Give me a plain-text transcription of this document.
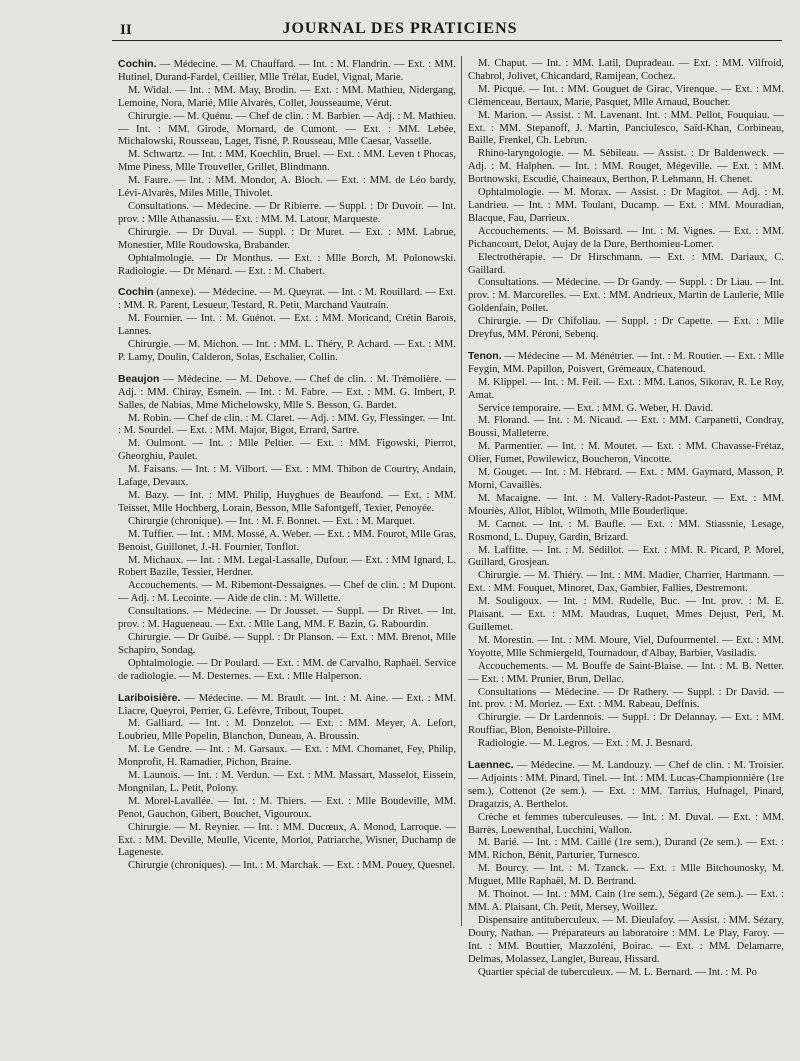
II	JOURNAL DES PRATICIENS

Cochin. — Médecine. — M. Chauffard. — Int. : M. Flandrin. — Ext. : MM. Hutinel, Durand-Fardel, Ceillier, Mlle Trélat, Eudel, Vignal, Marie.

M. Widal. — Int. : MM. May, Brodin. — Ext. : MM. Mathieu, Nidergang, Lemoine, Nora, Marié, Mlle Alvarès, Collet, Jousseaume, Vérut.

Chirurgie. — M. Quénu. — Chef de clin. : M. Barbier. — Adj. : M. Mathieu. — Int. : MM. Girode, Mornard, de Cumont. — Ext. : MM. Lebée, Michalowski, Rousseau, Laget, Tisné, P. Rousseau, Mlle Caesar, Vasselle.

M. Schwartz. — Int. : MM. Koechlin, Bruel. — Ext. : MM. Leven t Phocas, Mme Piness, Mlle Trouveller, Grillet, Blindmann.

M. Faure. — Int. : MM. Mondor, A. Bloch. — Ext. : MM. de Léo bardy, Lévi-Alvarès, Miles Mille, Thivolet.

Consultations. — Médecine. — Dr Ribierre. — Suppl. : Dr Duvoir. — Int. prov. : Mlle Athanassiu. — Ext. : MM. M. Latour, Marqueste.

Chirurgie. — Dr Duval. — Suppl. : Dr Muret. — Ext. : MM. Labrue, Monestier, Mlle Roudowska, Brabander.

Ophtalmologie. — Dr Monthus. — Ext. : Mlle Borch, M. Polonowski. Radiologie. — Dr Ménard. — Ext. : M. Chabert.

Cochin (annexe). — Médecine. — M. Queyrat. — Int. : M. Rouillard. — Ext. : MM. R. Parent, Lesueur, Testard, R. Petit, Marchand Vautrain.

M. Fournier. — Int. : M. Guénot. — Ext. : MM. Moricand, Crétin Barois, Lannes.

Chirurgie. — M. Michon. — Int. : MM. L. Théry, P. Achard. — Ext. : MM. P. Lamy, Doulin, Calderon, Solas, Eschalier, Collin.

Beaujon — Médecine. — M. Debove. — Chef de clin. : M. Trémolière. — Adj. : MM. Chiray, Esmein. — Int. : M. Fabre. — Ext. : MM. G. Imbert, P. Salles, de Nabias, Mme Michelowsky, Mlle S. Besson, G. Bardet.

M. Robin. — Chef de clin. : M. Claret. — Adj. : MM. Gy, Flessinger. — Int. : M. Sourdel. — Ext. : MM. Major, Bigot, Errard, Sartre.

M. Oulmont. — Int. : Mlle Peltier. — Ext. : MM. Figowski, Pierrot, Gheorghiu, Paulet.

M. Faisans. — Int. : M. Vilbort. — Ext. : MM. Thibon de Courtry, Andain, Lafage, Devaux.

M. Bazy. — Int. : MM. Philip, Huyghues de Beaufond. — Ext. : MM. Teisset, Mlle Hochberg, Lorain, Besson, Mlle Safontgeff, Texier, Penoyée.

Chirurgie (chronique). — Int. : M. F. Bonnet. — Ext. : M. Marquet.

M. Tuffier. — Int. : MM. Mossé, A. Weber. — Ext. : MM. Fourot, Mlle Gras, Benoist, Guillonet, J.-H. Fournier, Tonflot.

M. Michaux. — Int. : MM. Legal-Lassalle, Dufour. — Ext. : MM Ignard, L. Robert Bazile, Tessier, Herdner.

Accouchements. — M. Ribemont-Dessaignes. — Chef de clin. : M Dupont. — Adj. : M. Lecointe. — Aide de clin. : M. Willette.

Consultations. — Médecine. — Dr Jousset. — Suppl. — Dr Rivet. — Int. prov. : M. Hagueneau. — Ext. : Mlle Lang, MM. F. Bazin, G. Rabourdin.

Chirurgie. — Dr Guibé. — Suppl. : Dr Planson. — Ext. : MM. Brenot, Mlle Schapiro, Sondag.

Ophtalmologie. — Dr Poulard. — Ext. : MM. de Carvalho, Raphaël. Service de radiologie. — M. Desternes. — Ext. : Mlle Halperson.

Lariboisière. — Médecine. — M. Brault. — Int. : M. Aine. — Ext. : MM. Liacre, Queyroi, Perrier, G. Lefèvre, Tribout, Toupet.

M. Galliard. — Int. : M. Donzelot. — Ext. : MM. Meyer, A. Lefort, Loubrieu, Mlle Popelin, Blanchon, Duneau, A. Broussin.

M. Le Gendre. — Int. : M. Garsaux. — Ext. : MM. Chomanet, Fey, Philip, Monprofit, H. Ramadier, Pichon, Braine.

M. Launois. — Int. : M. Verdun. — Ext. : MM. Massart, Masselot, Eissein, Mongnilan, L. Petit, Polony.

M. Morel-Lavallée. — Int. : M. Thiers. — Ext. : Mlle Boudeville, MM. Penot, Gauchon, Gibert, Bouchet, Vigouroux.

Chirurgie. — M. Reynier. — Int. : MM. Ducœux, A. Monod, Larroque. — Ext. : MM. Deville, Meulle, Vicente, Morlot, Patriarche, Wisner, Duchamp de Lageneste.

Chirurgie (chroniques). — Int. : M. Marchak. — Ext. : MM. Pouey, Quesnel.

M. Chaput. — Int. : MM. Latil, Dupradeau. — Ext. : MM. Vilfroid, Chabrol, Jolivet, Chicandard, Ramijean, Cochez.

M. Picqué. — Int. : MM. Gouguet de Girac, Virenque. — Ext. : MM. Clémenceau, Bertaux, Marie, Pasquet, Mlle Arnaud, Boucher.

M. Marion. — Assist. : M. Lavenant. Int. : MM. Pellot, Fouquiau. — Ext. : MM. Stepanoff, J. Martin, Panciulesco, Saïd-Khan, Corbineau, Baille, Frenkel, Ch. Lebrun.

Rhino-laryngologie. — M. Sébileau. — Assist. : Dr Baldenweck. — Adj. : M. Halphen. — Int. : MM. Rouget, Mégeville. — Ext. : MM. Bortnowski, Escudié, Chaineaux, Berthon, P. Lehmann, H. Chenet.

Ophtalmologie. — M. Morax. — Assist. : Dr Magitot. — Adj. : M. Landrieu. — Int. : MM. Toulant, Ducamp. — Ext. : MM. Mouradian, Blacque, Fau, Darrieux.

Accouchements. — M. Boissard. — Int. : M. Vignes. — Ext. : MM. Pichancourt, Delot, Aujay de la Dure, Berthomieu-Lomer.

Electrothérapie. — Dr Hirschmann. — Ext. : MM. Dariaux, C. Gaillard.

Consultations. — Médecine. — Dr Gandy. — Suppl. : Dr Liau. — Int. prov. : M. Marcorelles. — Ext. : MM. Andrieux, Martin de Laulerie, Mlle Goldenfain, Pollet.

Chirurgie. — Dr Chifoliau. — Suppl. : Dr Capette. — Ext. : Mlle Dreyfus, MM. Péroni, Sebenq.

Tenon. — Médecine — M. Ménétrier. — Int. : M. Routier. — Ext. : Mlle Feygin, MM. Papillon, Poisvert, Grémeaux, Chatenoud.

M. Klippel. — Int. : M. Feil. — Ext. : MM. Lanos, Sikorav, R. Le Roy, Amat.

Service temporaire. — Ext. : MM. G. Weber, H. David.

M. Florand. — Int. : M. Nicaud. — Ext. : MM. Carpanetti, Condray, Boussi, Malleterre.

M. Parmentier. — Int. : M. Moutet. — Ext. : MM. Chavasse-Frétaz, Olier, Fumet, Powilewicz, Boucheron, Vincotte.

M. Gouget. — Int. : M. Hébrard. — Ext. : MM. Gaymard, Masson, P. Morni, Cavaillès.

M. Macaigne. — Int. : M. Vallery-Radot-Pasteur. — Ext. : MM. Mouriès, Allot, Hiblot, Wilmoth, Mlle Bouderlique.

M. Carnot. — Int. : M. Baufle. — Ext. : MM. Stiassnie, Lesage, Rosmond, L. Dupuy, Gardin, Brizard.

M. Laffitte. — Int. : M. Sédillot. — Ext. : MM. R. Picard, P. Morel, Guillard, Grosjean.

Chirurgie. — M. Thiéry. — Int. : MM. Madier, Charrier, Hartmann. — Ext. : MM. Fouquet, Minoret, Dax, Gambier, Fallies, Destremont.

M. Souligoux. — Int. : MM. Rudelle, Buc. — Int. prov. : M. E. Plaisant. — Ext. : MM. Maudras, Luquet, Mmes Dejust, Perl, M. Guillemet.

M. Morestin. — Int. : MM. Moure, Viel, Dufourmentel. — Ext. : MM. Yoyotte, Mlle Schmiergeld, Tournadour, d'Albay, Barbier, Vasiladis.

Accouchements. — M. Bouffe de Saint-Blaise. — Int. : M. B. Netter. — Ext. : MM. Prunier, Brun, Dellac.

Consultations — Médecine. — Dr Rathery. — Suppl. : Dr David. — Int. prov. : M. Moriez. — Ext. : MM. Rabeau, Deffnis.

Chirurgie. — Dr Lardennois. — Suppl. : Dr Delannay. — Ext. : MM. Rouffiac, Blon, Benoiste-Pilloire.

Radiologie. — M. Legros. — Ext. : M. J. Besnard.

Laennec. — Médecine. — M. Landouzy. — Chef de clin. : M. Troisier. — Adjoints : MM. Pinard, Tinel. — Int. : MM. Lucas-Championnière (1re sem.), Cottenot (2e sem.). — Ext. : MM. Tarrius, Hufnagel, Pinard, Dragatzis, A. Berthelot.

Crèche et femmes tuberculeuses. — Int. : M. Duval. — Ext. : MM. Barrès, Loewenthal, Lucchini, Wallon.

M. Barié. — Int. : MM. Caillé (1re sem.), Durand (2e sem.). — Ext. : MM. Richon, Bénit, Parturier, Turnesco.

M. Bourcy. — Int. : M. Tzanck. — Ext. : Mlle Bitchounosky, M. Muguet, Mlle Raphaël, M. D. Bertrand.

M. Thoinot. — Int. : MM. Cain (1re sem.), Ségard (2e sem.). — Ext. : MM. A. Plaisant, Ch. Petit, Mersey, Woillez.

Dispensaire antituberculeux. — M. Dieulafoy. — Assist. : MM. Sézary, Doury, Nathan. — Préparateurs au laboratoire : MM. Le Play, Faroy. — Int. : MM. Bouttier, Mazzoléni, Boirac. — Ext. : MM. Delamarre, Delmas, Molassez, Langlet, Bureau, Hissard.

Quartier spécial de tuberculeux. — M. L. Bernard. — Int. : M. Po
